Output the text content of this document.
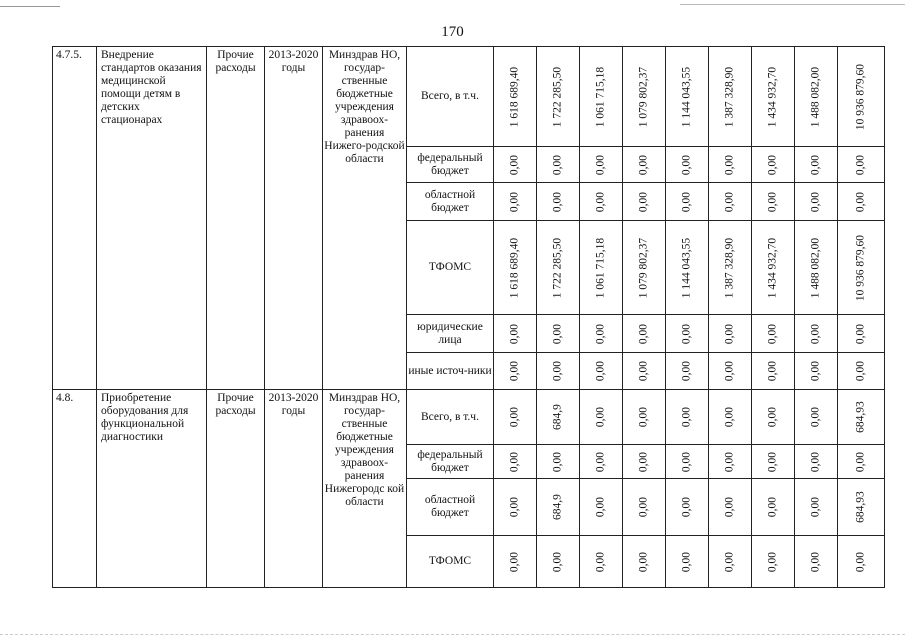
170
4.7.5.	Внедрение стандартов оказания медицинской помощи детям в детских стационарах	Прочие расходы	2013-2020 годы	Минздрав НО, государ-ственные бюджетные учреждения здравоох-ранения Нижего-родской области	Всего, в т.ч.	1 618 689,40	1 722 285,50	1 061 715,18	1 079 802,37	1 144 043,55	1 387 328,90	1 434 932,70	1 488 082,00	10 936 879,60

					федеральный бюджет	0,00	0,00	0,00	0,00	0,00	0,00	0,00	0,00	0,00

					областной бюджет	0,00	0,00	0,00	0,00	0,00	0,00	0,00	0,00	0,00

					ТФОМС	1 618 689,40	1 722 285,50	1 061 715,18	1 079 802,37	1 144 043,55	1 387 328,90	1 434 932,70	1 488 082,00	10 936 879,60

					юридические лица	0,00	0,00	0,00	0,00	0,00	0,00	0,00	0,00	0,00

					иные источ-ники	0,00	0,00	0,00	0,00	0,00	0,00	0,00	0,00	0,00

4.8.	Приобретение оборудования для функциональной диагностики	Прочие расходы	2013-2020 годы	Минздрав НО, государ-ственные бюджетные учреждения здравоох-ранения Нижегородс кой области	Всего, в т.ч.	0,00	684,9	0,00	0,00	0,00	0,00	0,00	0,00	684,93

					федеральный бюджет	0,00	0,00	0,00	0,00	0,00	0,00	0,00	0,00	0,00

					областной бюджет	0,00	684,9	0,00	0,00	0,00	0,00	0,00	0,00	684,93

					ТФОМС	0,00	0,00	0,00	0,00	0,00	0,00	0,00	0,00	0,00
